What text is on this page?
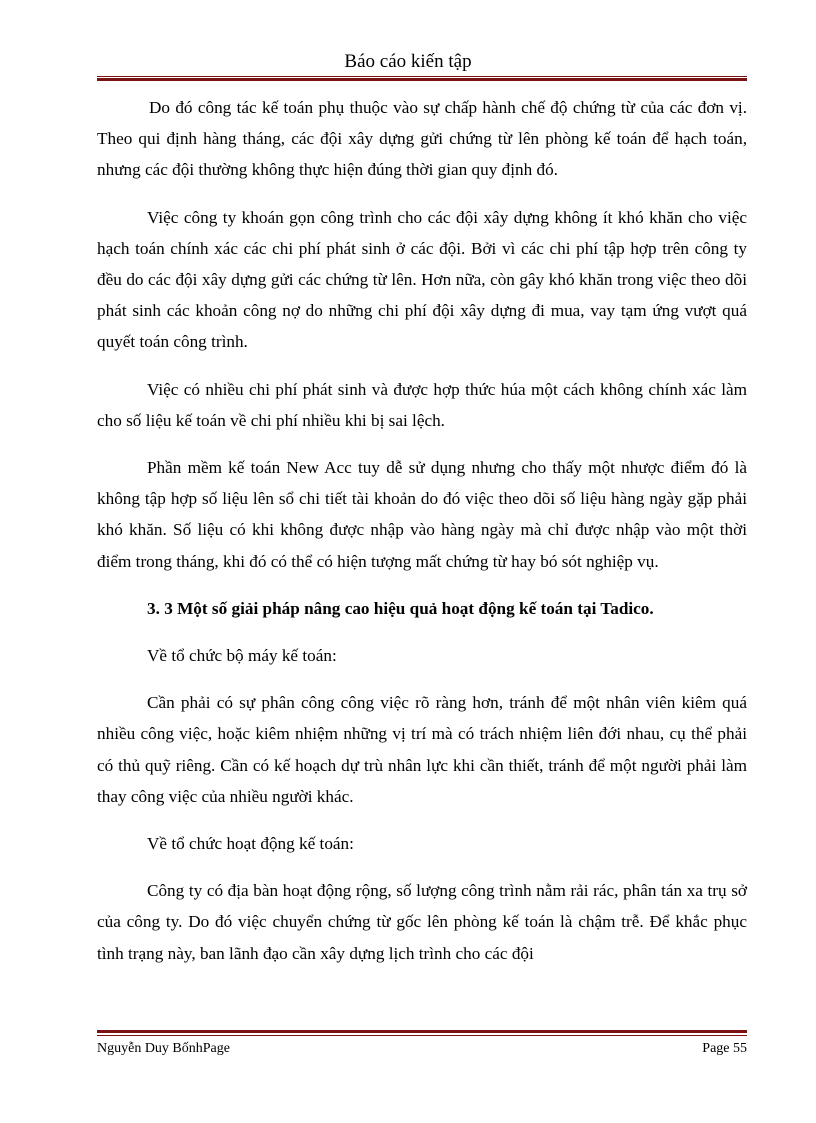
Báo cáo kiến tập

Do đó công tác kế toán phụ thuộc vào sự chấp hành chế độ chứng từ của các đơn vị. Theo qui định hàng tháng, các đội xây dựng gửi chứng từ lên phòng kế toán để hạch toán, nhưng các đội thường không thực hiện đúng thời gian quy định đó.

Việc công ty khoán gọn công trình cho các đội xây dựng không ít khó khăn cho việc hạch toán chính xác các chi phí phát sinh ở các đội. Bởi vì các chi phí tập hợp trên công ty đều do các đội xây dựng gửi các chứng từ lên. Hơn nữa, còn gây khó khăn trong việc theo dõi phát sinh các khoản công nợ do những chi phí đội xây dựng đi mua, vay tạm ứng vượt quá quyết toán công trình.

Việc có nhiều chi phí phát sinh và được hợp thức húa một cách không chính xác làm cho số liệu kế toán về chi phí nhiều khi bị sai lệch.

Phần mềm kế toán New Acc tuy dễ sử dụng nhưng cho thấy một nhược điểm đó là không tập hợp số liệu lên sổ chi tiết tài khoản do đó việc theo dõi số liệu hàng ngày gặp phải khó khăn. Số liệu có khi không được nhập vào hàng ngày mà chỉ được nhập vào một thời điểm trong tháng, khi đó có thể có hiện tượng mất chứng từ hay bó sót nghiệp vụ.

3. 3 Một số giải pháp nâng cao hiệu quả hoạt động kế toán tại Tadico.

Về tổ chức bộ máy kế toán:

Cần phải có sự phân công công việc rõ ràng hơn, tránh để một nhân viên kiêm quá nhiều công việc, hoặc kiêm nhiệm những vị trí mà có trách nhiệm liên đới nhau, cụ thể phải có thủ quỹ riêng. Cần có kế hoạch dự trù nhân lực khi cần thiết, tránh để một người phải làm thay công việc của nhiều người khác.

Về tổ chức hoạt động kế toán:

Công ty có địa bàn hoạt động rộng, số lượng công trình nằm rải rác, phân tán xa trụ sở của công ty. Do đó việc chuyển chứng từ gốc lên phòng kế toán là chậm trễ. Để khắc phục tình trạng này, ban lãnh đạo cần xây dựng lịch trình cho các đội

Nguyễn Duy BốnhPage	Page 55
